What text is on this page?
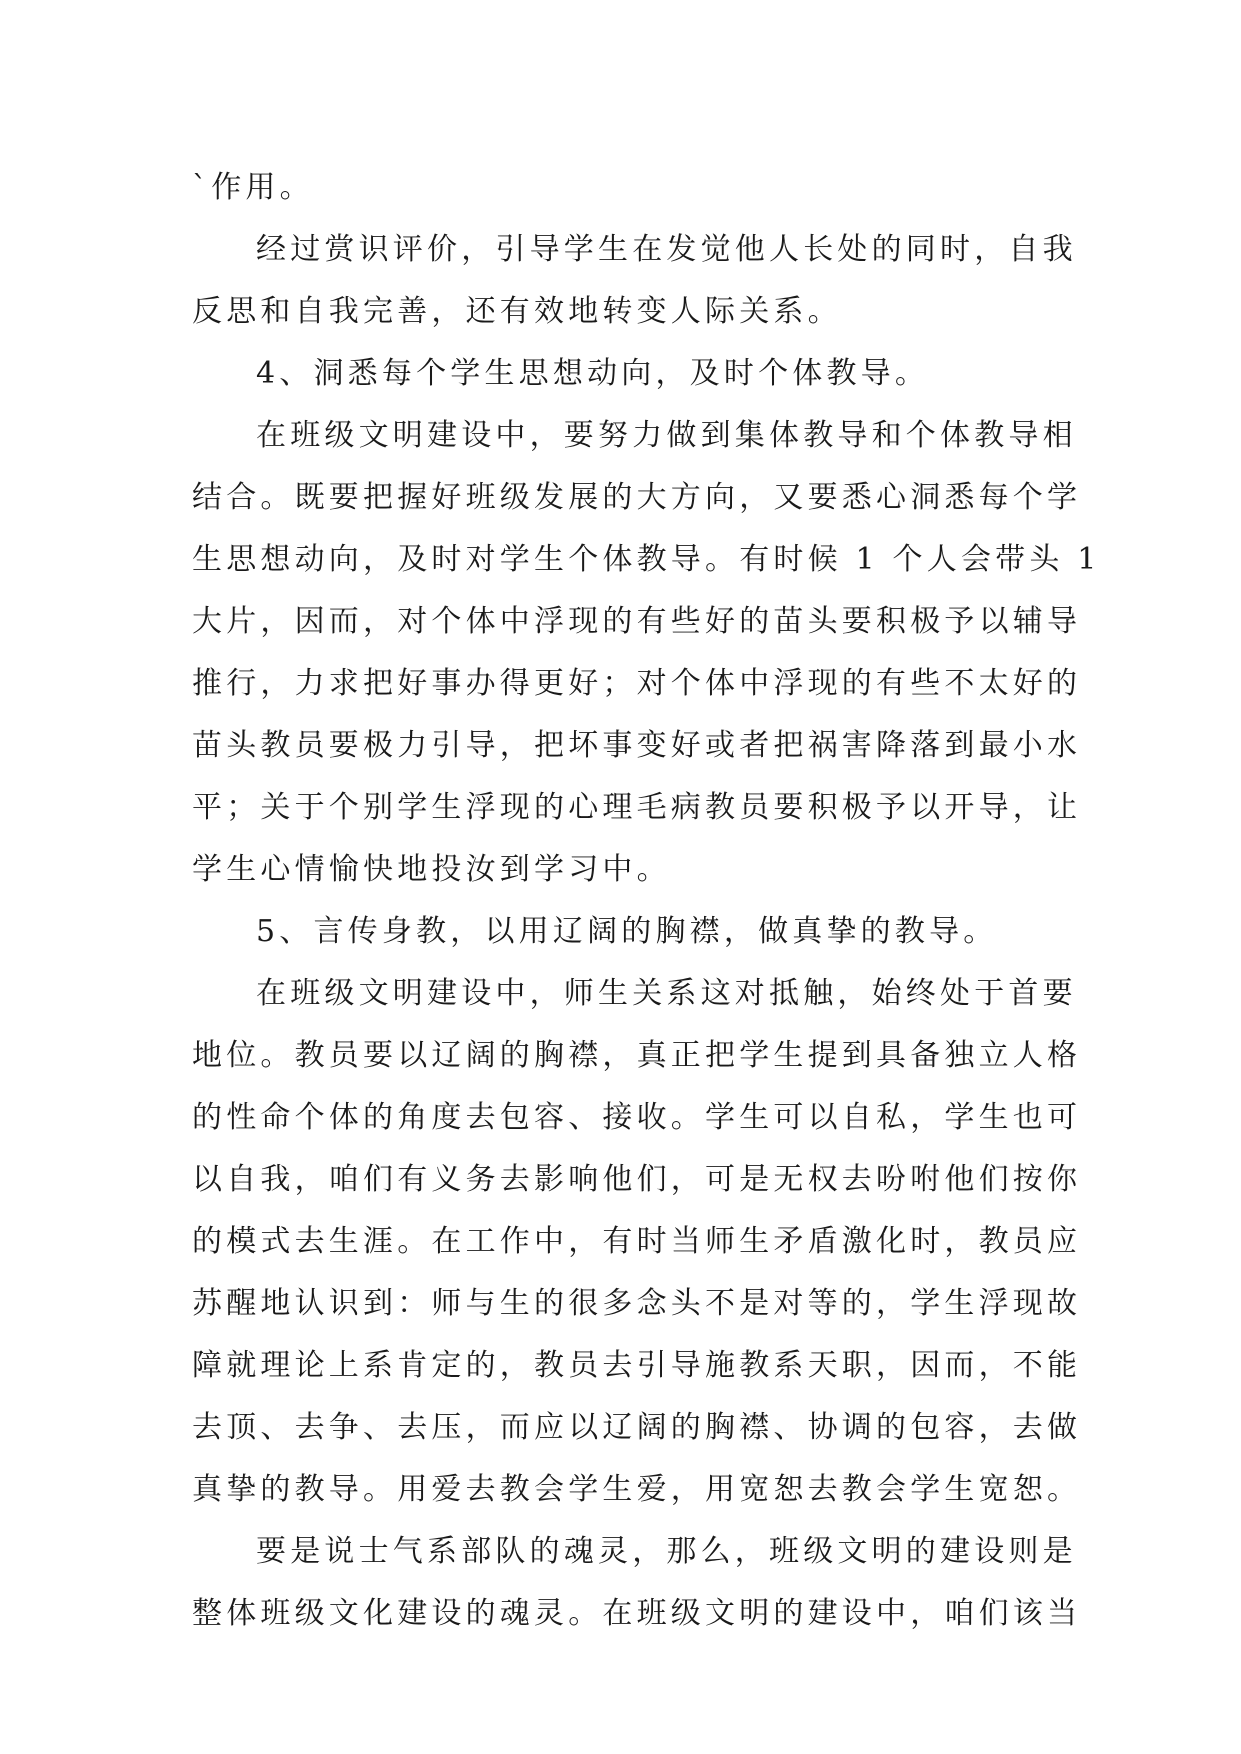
`作用。
经过赏识评价，引导学生在发觉他人长处的同时，自我
反思和自我完善，还有效地转变人际关系。
4、洞悉每个学生思想动向，及时个体教导。
在班级文明建设中，要努力做到集体教导和个体教导相
结合。既要把握好班级发展的大方向，又要悉心洞悉每个学
生思想动向，及时对学生个体教导。有时候 1 个人会带头 1
大片，因而，对个体中浮现的有些好的苗头要积极予以辅导
推行，力求把好事办得更好；对个体中浮现的有些不太好的
苗头教员要极力引导，把坏事变好或者把祸害降落到最小水
平；关于个别学生浮现的心理毛病教员要积极予以开导，让
学生心情愉快地投汝到学习中。
5、言传身教，以用辽阔的胸襟，做真挚的教导。
在班级文明建设中，师生关系这对抵触，始终处于首要
地位。教员要以辽阔的胸襟，真正把学生提到具备独立人格
的性命个体的角度去包容、接收。学生可以自私，学生也可
以自我，咱们有义务去影响他们，可是无权去吩咐他们按你
的模式去生涯。在工作中，有时当师生矛盾激化时，教员应
苏醒地认识到：师与生的很多念头不是对等的，学生浮现故
障就理论上系肯定的，教员去引导施教系天职，因而，不能
去顶、去争、去压，而应以辽阔的胸襟、协调的包容，去做
真挚的教导。用爱去教会学生爱，用宽恕去教会学生宽恕。
要是说士气系部队的魂灵，那么，班级文明的建设则是
整体班级文化建设的魂灵。在班级文明的建设中，咱们该当
